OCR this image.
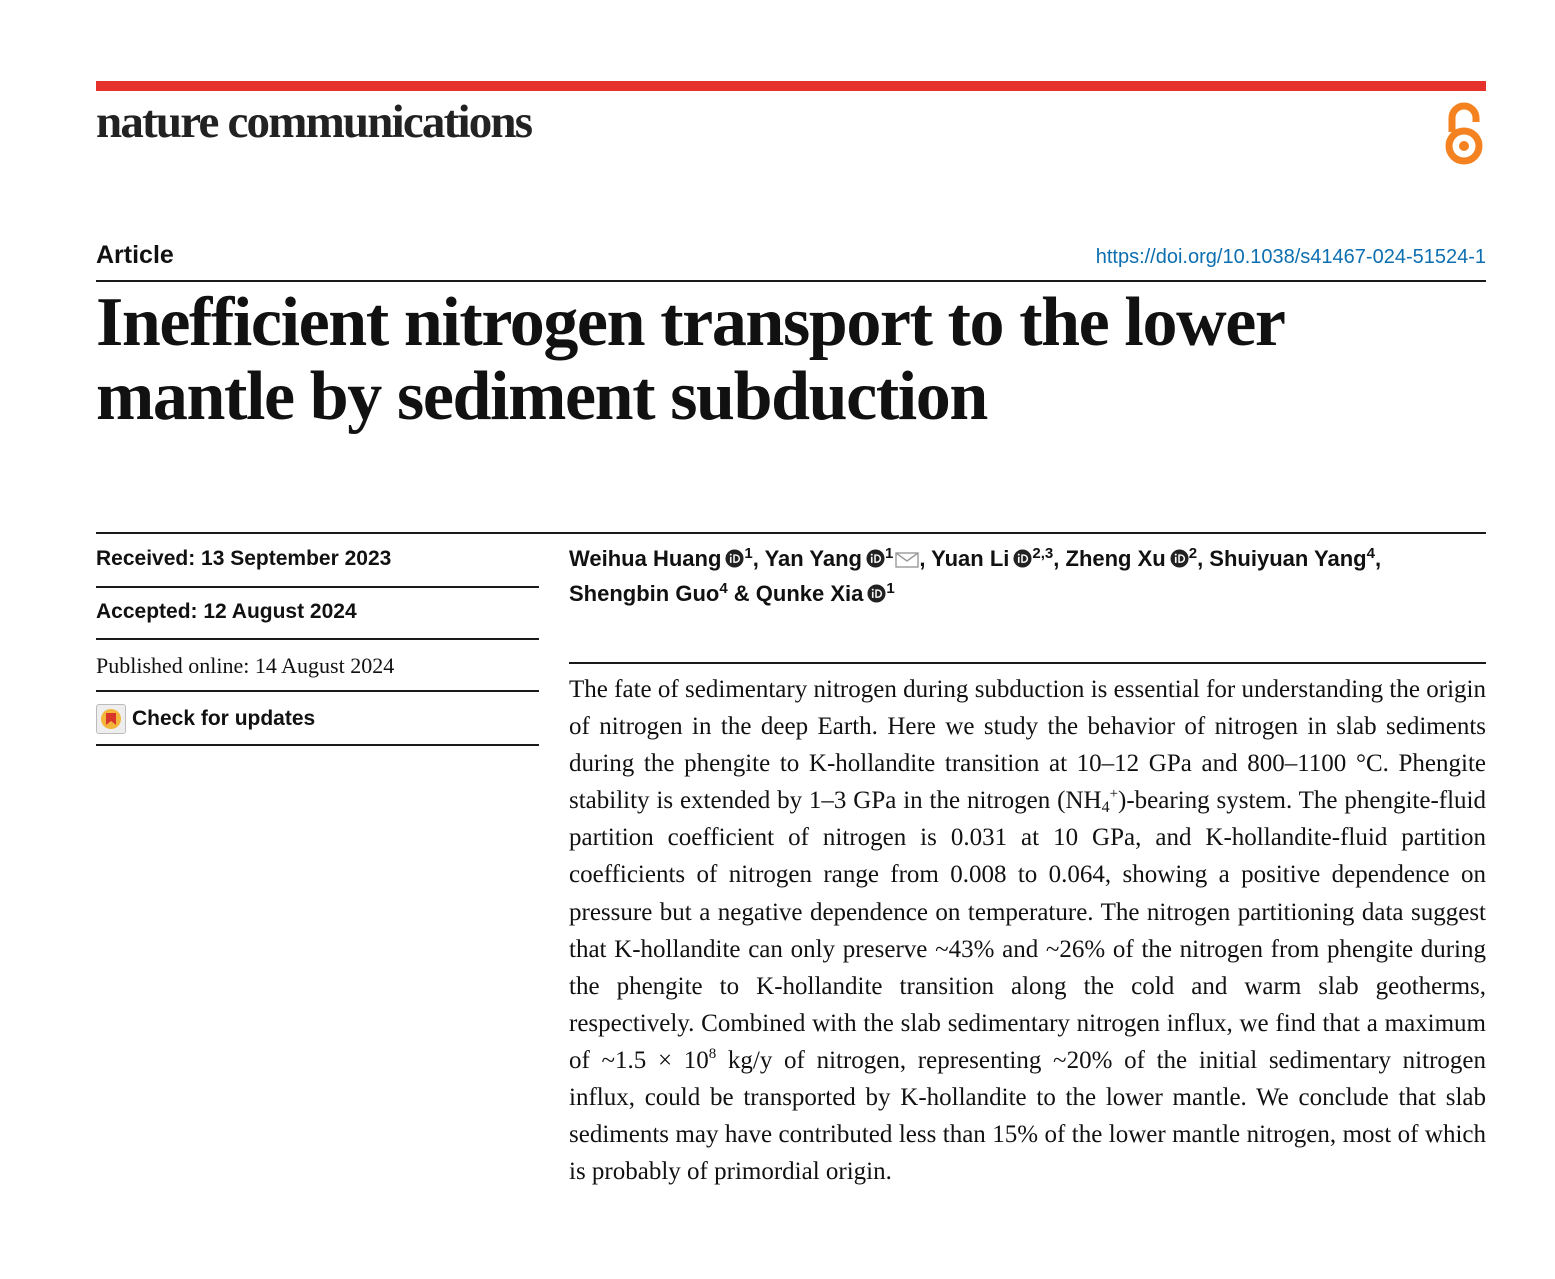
nature communications
Article	https://doi.org/10.1038/s41467-024-51524-1
Inefficient nitrogen transport to the lower
mantle by sediment subduction
Received: 13 September 2023
Accepted: 12 August 2024
Published online: 14 August 2024
Check for updates
Weihua Huang $^1$, Yan Yang $^1$ , Yuan Li $^{2,3}$, Zheng Xu $^2$, Shuiyuan Yang$^4$, Shengbin Guo$^4$ & Qunke Xia $^1$

The fate of sedimentary nitrogen during subduction is essential for understanding the origin of nitrogen in the deep Earth. Here we study the behavior of nitrogen in slab sediments during the phengite to K-hollandite transition at 10–12 GPa and 800–1100 °C. Phengite stability is extended by 1–3 GPa in the nitrogen $(NH_4^+)$-bearing system. The phengite-fluid partition coefficient of nitrogen is 0.031 at 10 GPa, and K-hollandite-fluid partition coefficients of nitrogen range from 0.008 to 0.064, showing a positive dependence on pressure but a negative dependence on temperature. The nitrogen partitioning data suggest that K-hollandite can only preserve ~43% and ~26% of the nitrogen from phengite during the phengite to K-hollandite transition along the cold and warm slab geotherms, respectively. Combined with the slab sedimentary nitrogen influx, we find that a maximum of ~1.5 × $10^8$ kg/y of nitrogen, representing ~20% of the initial sedimentary nitrogen influx, could be transported by K-hollandite to the lower mantle. We conclude that slab sediments may have contributed less than 15% of the lower mantle nitrogen, most of which is probably of primordial origin.
